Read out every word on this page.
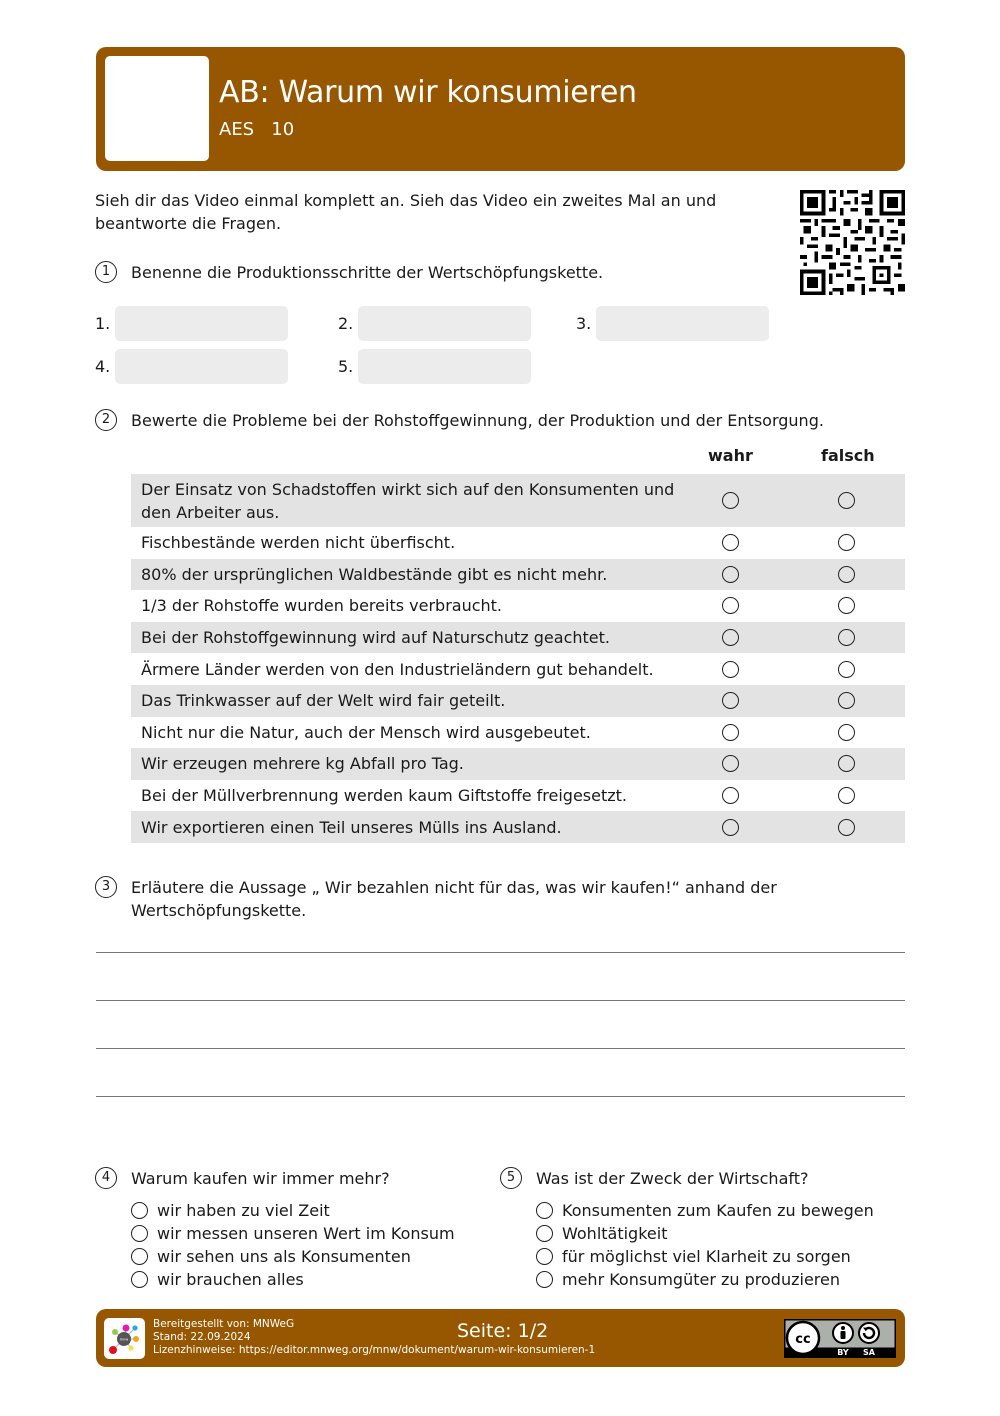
AB: Warum wir konsumieren
AES   10
Sieh dir das Video einmal komplett an. Sieh das Video ein zweites Mal an und beantworte die Fragen.
1	Benenne die Produktionsschritte der Wertschöpfungskette.
1.	2.	3.
4.	5.
2	Bewerte die Probleme bei der Rohstoffgewinnung, der Produktion und der Entsorgung.
wahr	falsch
Der Einsatz von Schadstoffen wirkt sich auf den Konsumenten und den Arbeiter aus.
Fischbestände werden nicht überfischt.
80% der ursprünglichen Waldbestände gibt es nicht mehr.
1/3 der Rohstoffe wurden bereits verbraucht.
Bei der Rohstoffgewinnung wird auf Naturschutz geachtet.
Ärmere Länder werden von den Industrieländern gut behandelt.
Das Trinkwasser auf der Welt wird fair geteilt.
Nicht nur die Natur, auch der Mensch wird ausgebeutet.
Wir erzeugen mehrere kg Abfall pro Tag.
Bei der Müllverbrennung werden kaum Giftstoffe freigesetzt.
Wir exportieren einen Teil unseres Mülls ins Ausland.
3	Erläutere die Aussage „ Wir bezahlen nicht für das, was wir kaufen!“ anhand der Wertschöpfungskette.
4	Warum kaufen wir immer mehr?
wir haben zu viel Zeit
wir messen unseren Wert im Konsum
wir sehen uns als Konsumenten
wir brauchen alles
5	Was ist der Zweck der Wirtschaft?
Konsumenten zum Kaufen zu bewegen
Wohltätigkeit
für möglichst viel Klarheit zu sorgen
mehr Konsumgüter zu produzieren
mnw
Bereitgestellt von: MNWeG
Stand: 22.09.2024
Lizenzhinweise: https://editor.mnweg.org/mnw/dokument/warum-wir-konsumieren-1
Seite: 1/2	cc
BY SA
